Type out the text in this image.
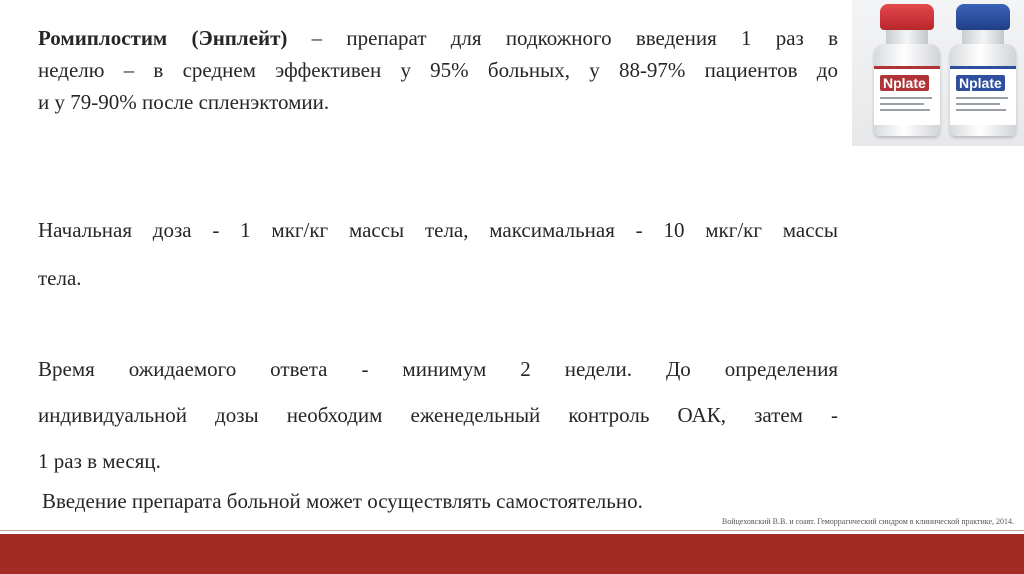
Ромиплостим (Энплейт) – препарат для подкожного введения 1 раз в
неделю – в среднем эффективен у 95% больных, у 88-97% пациентов до
и у 79-90% после спленэктомии.

Начальная доза - 1 мкг/кг массы тела, максимальная - 10 мкг/кг массы
тела.

Время ожидаемого ответа - минимум 2 недели. До определения
индивидуальной дозы необходим еженедельный контроль ОАК, затем -
1 раз в месяц.

Введение препарата больной может осуществлять самостоятельно.

Nplate Nplate
Войцеховский В.В. и соавт. Геморрагический синдром в клинической практике, 2014.
